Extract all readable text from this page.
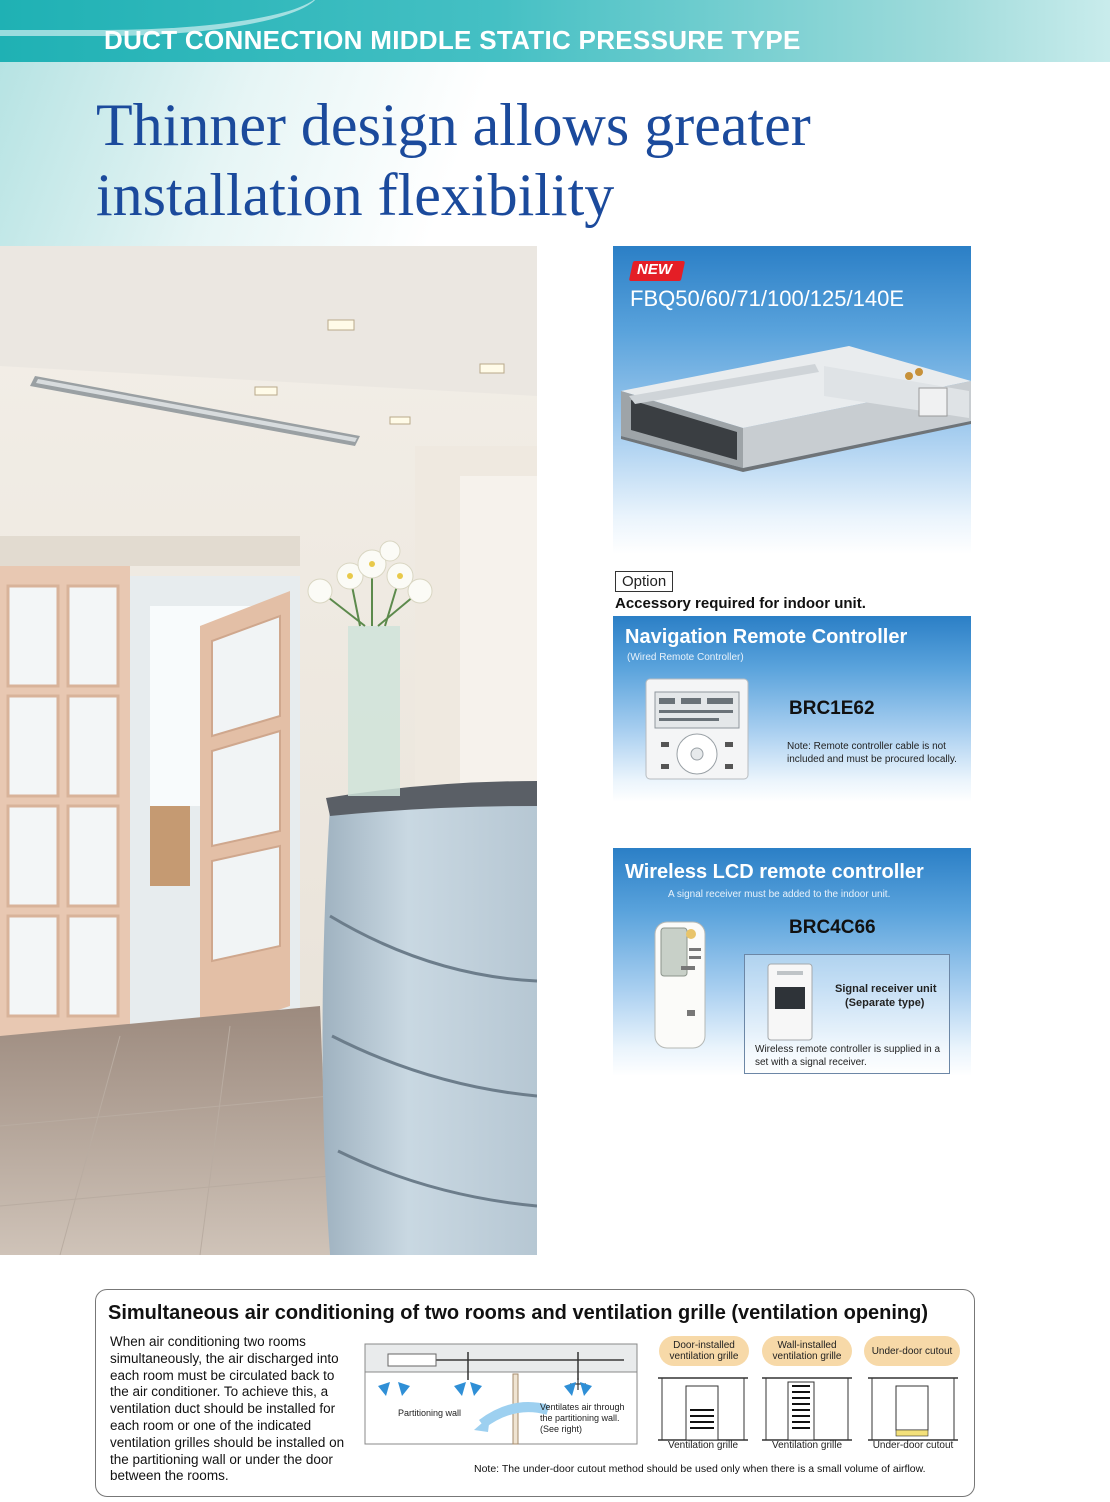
DUCT CONNECTION MIDDLE STATIC PRESSURE TYPE
Thinner design allows greater
installation flexibility
NEW
FBQ50/60/71/100/125/140E
Option
Accessory required for indoor unit.
Navigation Remote Controller
(Wired Remote Controller)
BRC1E62
Note: Remote controller cable is not included and must be procured locally.
Wireless LCD remote controller
A signal receiver must be added to the indoor unit.
BRC4C66
Signal receiver unit
(Separate type)
Wireless remote controller is supplied in a set with a signal receiver.
Simultaneous air conditioning of two rooms and ventilation grille (ventilation opening)
When air conditioning two rooms simultaneously, the air discharged into each room must be circulated back to the air conditioner. To achieve this, a ventilation duct should be installed for each room or one of the indicated ventilation grilles should be installed on the partitioning wall or under the door between the rooms.
Partitioning wall
Ventilates air through
the partitioning wall.
(See right)
Door-installed ventilation grille
Ventilation grille
Wall-installed ventilation grille
Ventilation grille
Under-door cutout
Under-door cutout
Note: The under-door cutout method should be used only when there is a small volume of airflow.
